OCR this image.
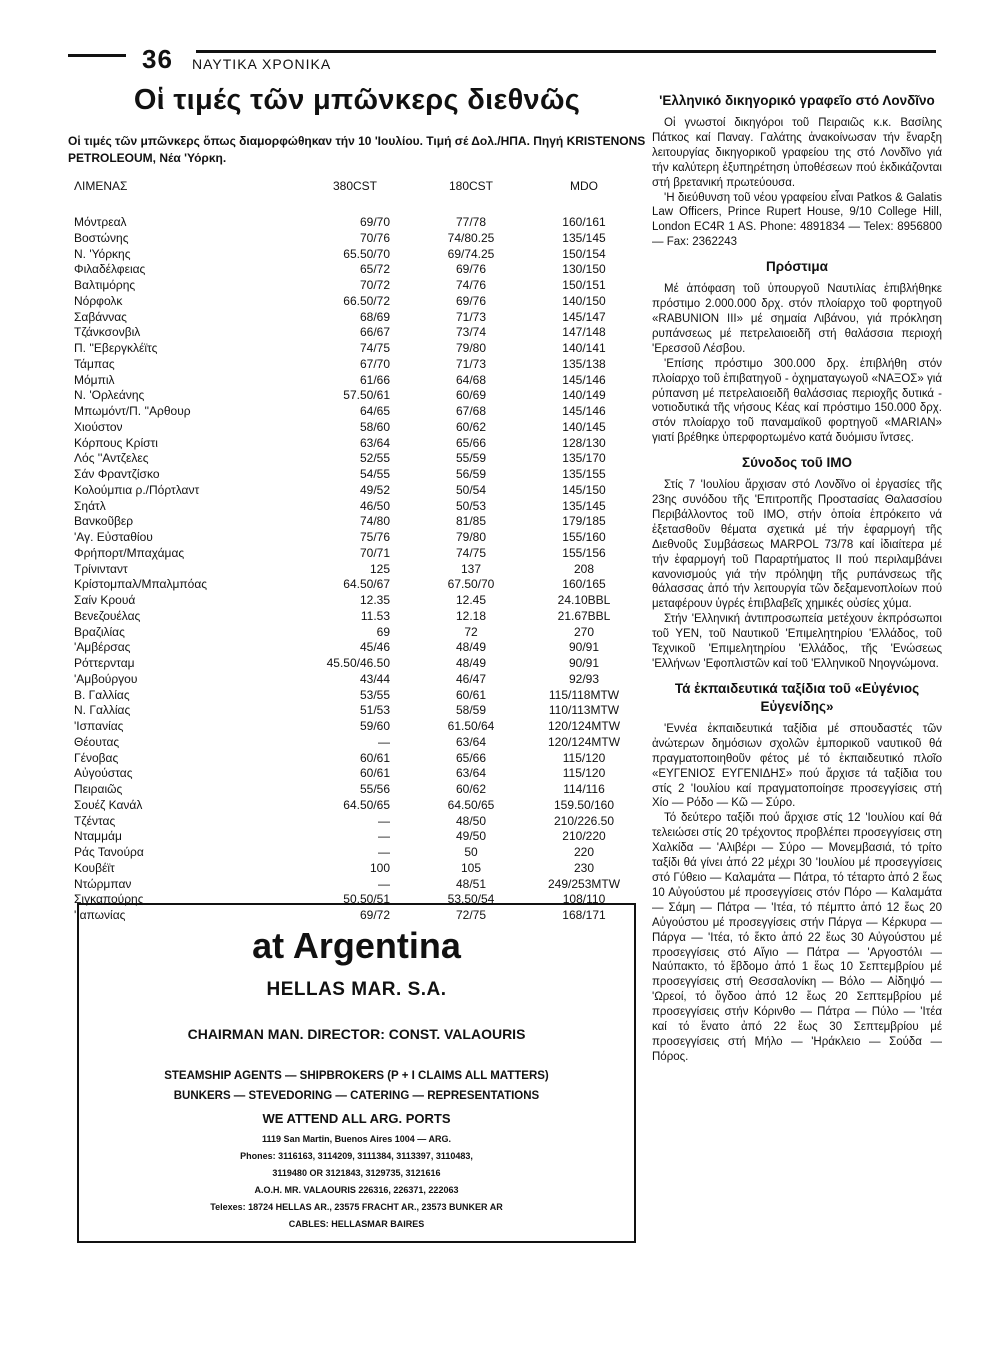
36 ΝΑΥΤΙΚΑ ΧΡΟΝΙΚΑ
Οἱ τιμές τῶν μπῶνκερς διεθνῶς

Οἱ τιμές τῶν μπῶνκερς ὅπως διαμορφώθηκαν τήν 10 'Ιουλίου. Τιμή σέ Δολ./ΗΠΑ. Πηγή KRISTENONS PETROLEOUM, Νέα 'Υόρκη.

ΛΙΜΕΝΑΣ	380CST	180CST	MDO
Μόντρεαλ	69/70	77/78	160/161
Βοστώνης	70/76	74/80.25	135/145
Ν. 'Υόρκης	65.50/70	69/74.25	150/154
Φιλαδέλφειας	65/72	69/76	130/150
Βαλτιμόρης	70/72	74/76	150/151
Νόρφολκ	66.50/72	69/76	140/150
Σαβάννας	68/69	71/73	145/147
Τζάνκσονβιλ	66/67	73/74	147/148
Π. ''Εβεργκλέϊτς	74/75	79/80	140/141
Τάμπας	67/70	71/73	135/138
Μόμπιλ	61/66	64/68	145/146
Ν. 'Ορλεάνης	57.50/61	60/69	140/149
Μπωμόντ/Π. ''Αρθουρ	64/65	67/68	145/146
Χιούστον	58/60	60/62	140/145
Κόρπους Κρίστι	63/64	65/66	128/130
Λός ''Αντζελες	52/55	55/59	135/170
Σάν Φραντζίσκο	54/55	56/59	135/155
Κολούμπια ρ./Πόρτλαντ	49/52	50/54	145/150
Σηάτλ	46/50	50/53	135/145
Βανκοῦβερ	74/80	81/85	179/185
'Αγ. Εὐσταθίου	75/76	79/80	155/160
Φρήπορτ/Μπαχάμας	70/71	74/75	155/156
Τρίνινταντ	125	137	208
Κρίστομπαλ/Μπαλμπόας	64.50/67	67.50/70	160/165
Σαίν Κρουά	12.35	12.45	24.10BBL
Βενεζουέλας	11.53	12.18	21.67BBL
Βραζιλίας	69	72	270
'Αμβέρσας	45/46	48/49	90/91
Ρόττερνταμ	45.50/46.50	48/49	90/91
'Αμβούργου	43/44	46/47	92/93
Β. Γαλλίας	53/55	60/61	115/118MTW
Ν. Γαλλίας	51/53	58/59	110/113MTW
'Ισπανίας	59/60	61.50/64	120/124MTW
Θέουτας	—	63/64	120/124MTW
Γένοβας	60/61	65/66	115/120
Αὐγούστας	60/61	63/64	115/120
Πειραιῶς	55/56	60/62	114/116
Σουέζ Κανάλ	64.50/65	64.50/65	159.50/160
Τζέντας	—	48/50	210/226.50
Νταμμάμ	—	49/50	210/220
Ράς Τανούρα	—	50	220
Κουβέϊτ	100	105	230
Ντώρμπαν	—	48/51	249/253MTW
Σιγκαπούρης	50.50/51	53.50/54	108/110
'Ιαπωνίας	69/72	72/75	168/171
at Argentina
HELLAS MAR. S.A.
CHAIRMAN MAN. DIRECTOR: CONST. VALAOURIS
STEAMSHIP AGENTS — SHIPBROKERS (P + I CLAIMS ALL MATTERS)
BUNKERS — STEVEDORING — CATERING — REPRESENTATIONS
WE ATTEND ALL ARG. PORTS
1119 San Martin, Buenos Aires 1004 — ARG.
Phones: 3116163, 3114209, 3111384, 3113397, 3110483,
3119480 OR 3121843, 3129735, 3121616
A.O.H. MR. VALAOURIS 226316, 226371, 222063
Telexes: 18724 HELLAS AR., 23575 FRACHT AR., 23573 BUNKER AR
CABLES: HELLASMAR BAIRES
'Ελληνικό δικηγορικό γραφεῖο στό Λονδῖνο

Οἱ γνωστοί δικηγόροι τοῦ Πειραιῶς κ.κ. Βασίλης Πάτκος καί Παναγ. Γαλάτης ἀνακοίνωσαν τήν ἔναρξη λειτουργίας δικηγορικοῦ γραφείου της στό Λονδῖνο γιά τήν καλύτερη ἐξυπηρέτηση ὑποθέσεων πού ἐκδικάζονται στή βρετανική πρωτεύουσα.

'Η διεύθυνση τοῦ νέου γραφείου εἶναι Patkos & Galatis Law Officers, Prince Rupert House, 9/10 College Hill, London EC4R 1 AS. Phone: 4891834 — Telex: 8956800 — Fax: 2362243

Πρόστιμα

Μέ ἀπόφαση τοῦ ὑπουργοῦ Ναυτιλίας ἐπιβλήθηκε πρόστιμο 2.000.000 δρχ. στόν πλοίαρχο τοῦ φορτηγοῦ «RABUNION III» μέ σημαία Λιβάνου, γιά πρόκληση ρυπάνσεως μέ πετρελαιοειδῆ στή θαλάσσια περιοχή 'Ερεσσοῦ Λέσβου.

'Επίσης πρόστιμο 300.000 δρχ. ἐπιβλήθη στόν πλοίαρχο τοῦ ἐπιβατηγοῦ - ὀχηματαγωγοῦ «ΝΑΞΟΣ» γιά ρύπανση μέ πετρελαιοειδῆ θαλάσσιας περιοχῆς δυτικά - νοτιοδυτικά τῆς νήσους Κέας καί πρόστιμο 150.000 δρχ. στόν πλοίαρχο τοῦ παναμαϊκοῦ φορτηγοῦ «MARIAN» γιατί βρέθηκε ὑπερφορτωμένο κατά δυόμισυ ἴντσες.

Σύνοδος τοῦ ΙΜΟ

Στίς 7 'Ιουλίου ἄρχισαν στό Λονδῖνο οἱ ἐργασίες τῆς 23ης συνόδου τῆς 'Επιτροπῆς Προστασίας Θαλασσίου Περιβάλλοντος τοῦ ΙΜΟ, στήν ὁποία ἐπρόκειτο νά ἐξετασθοῦν θέματα σχετικά μέ τήν ἐφαρμογή τῆς Διεθνοῦς Συμβάσεως MARPOL 73/78 καί ἰδιαίτερα μέ τήν ἐφαρμογή τοῦ Παραρτήματος ΙΙ πού περιλαμβάνει κανονισμούς γιά τήν πρόληψη τῆς ρυπάνσεως τῆς θάλασσας ἀπό τήν λειτουργία τῶν δεξαμενοπλοίων πού μεταφέρουν ὑγρές ἐπιβλαβεῖς χημικές οὐσίες χύμα.

Στήν 'Ελληνική ἀντιπροσωπεία μετέχουν ἐκπρόσωποι τοῦ ΥΕΝ, τοῦ Ναυτικοῦ 'Επιμελητηρίου 'Ελλάδος, τοῦ Τεχνικοῦ 'Επιμελητηρίου 'Ελλάδος, τῆς 'Ενώσεως 'Ελλήνων 'Εφοπλιστῶν καί τοῦ 'Ελληνικοῦ Νηογνώμονα.

Τά ἐκπαιδευτικά ταξίδια τοῦ «Εὐγένιος Εὐγενίδης»

'Εννέα ἐκπαιδευτικά ταξίδια μέ σπουδαστές τῶν ἀνώτερων δημόσιων σχολῶν ἐμπορικοῦ ναυτικοῦ θά πραγματοποιηθοῦν φέτος μέ τό ἐκπαιδευτικό πλοῖο «ΕΥΓΕΝΙΟΣ ΕΥΓΕΝΙΔΗΣ» πού ἄρχισε τά ταξίδια του στίς 2 'Ιουλίου καί πραγματοποίησε προσεγγίσεις στή Χίο — Ρόδο — Κῶ — Σύρο.

Τό δεύτερο ταξίδι πού ἄρχισε στίς 12 'Ιουλίου καί θά τελειώσει στίς 20 τρέχοντος προβλέπει προσεγγίσεις στη Χαλκίδα — 'Αλιβέρι — Σύρο — Μονεμβασιά, τό τρίτο ταξίδι θά γίνει ἀπό 22 μέχρι 30 'Ιουλίου μέ προσεγγίσεις στό Γύθειο — Καλαμάτα — Πάτρα, τό τέταρτο ἀπό 2 ἕως 10 Αὐγούστου μέ προσεγγίσεις στόν Πόρο — Καλαμάτα — Σάμη — Πάτρα — 'Ιτέα, τό πέμπτο ἀπό 12 ἕως 20 Αὐγούστου μέ προσεγγίσεις στήν Πάργα — Κέρκυρα — Πάργα — 'Ιτέα, τό ἕκτο ἀπό 22 ἕως 30 Αὐγούστου μέ προσεγγίσεις στό Αἴγιο — Πάτρα — 'Αργοστόλι — Ναύπακτο, τό ἕβδομο ἀπό 1 ἕως 10 Σεπτεμβρίου μέ προσεγγίσεις στή Θεσσαλονίκη — Βόλο — Αἰδηψό — 'Ωρεοί, τό ὄγδοο ἀπό 12 ἕως 20 Σεπτεμβρίου μέ προσεγγίσεις στήν Κόρινθο — Πάτρα — Πύλο — 'Ιτέα καί τό ἔνατο ἀπό 22 ἕως 30 Σεπτεμβρίου μέ προσεγγίσεις στή Μήλο — 'Ηράκλειο — Σούδα — Πόρος.
